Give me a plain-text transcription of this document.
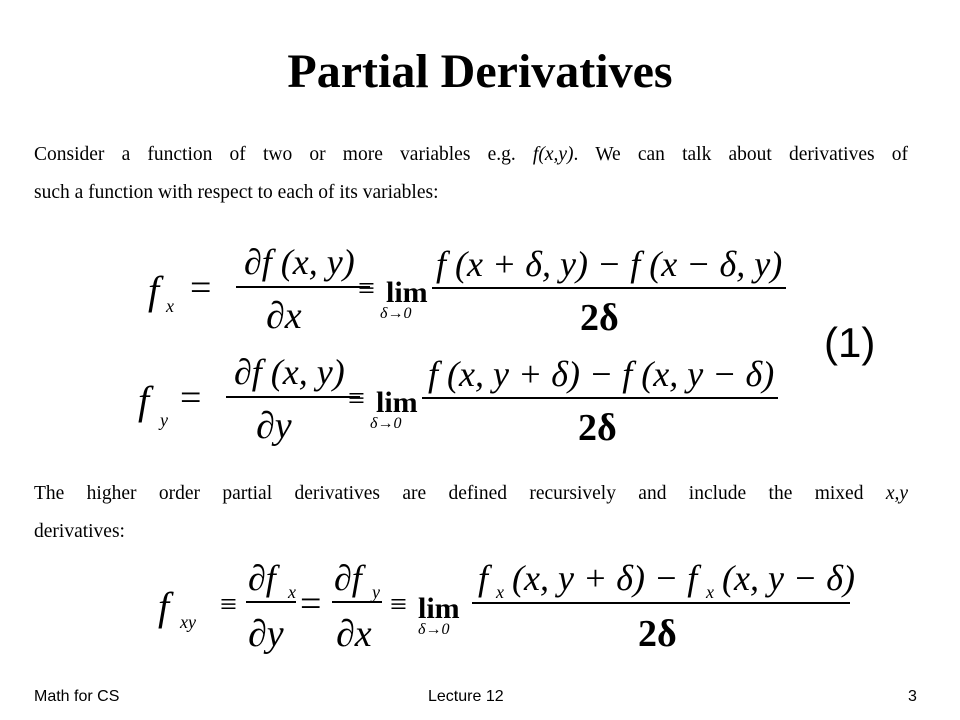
Partial Derivatives
Consider a function of two or more variables e.g. f(x,y). We can talk about derivatives of
such a function with respect to each of its variables:
f x =
∂f (x, y)
∂x
≡ lim
δ→0
f (x + δ, y) − f (x − δ, y)
2δ
(1)
f y
=
∂f (x, y)
∂y
≡ lim
δ→0
f (x, y + δ) − f (x, y − δ)
2δ
The higher order partial derivatives are defined recursively and include the mixed x,y
derivatives:
f xy
≡
∂f x
∂y
=
∂f y
∂x
≡ lim
δ→0
f x (x, y + δ) − f x (x, y − δ)
2δ
Math for CS	Lecture 12	3
